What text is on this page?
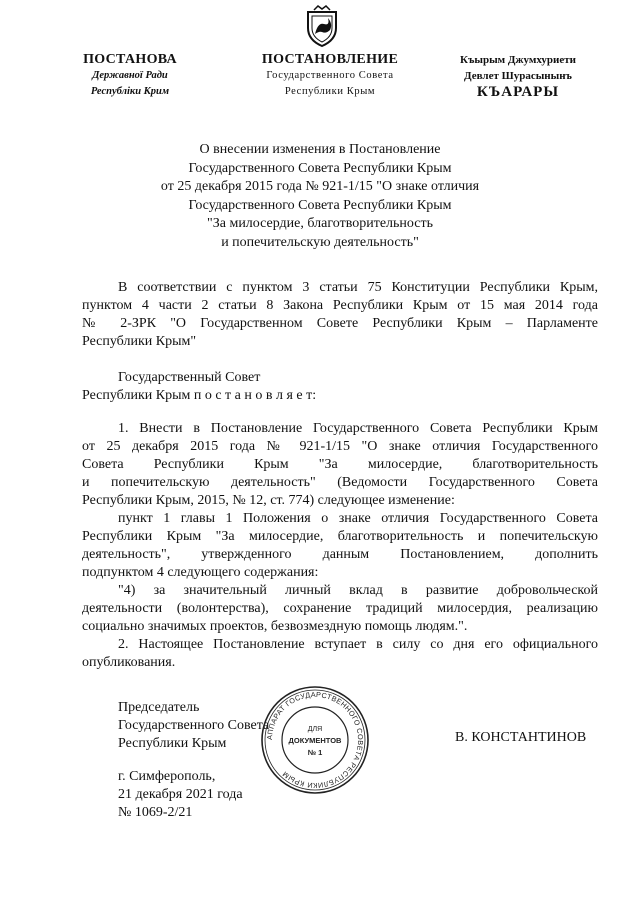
ПОСТАНОВА
Державної Ради
Республіки Крим
ПОСТАНОВЛЕНИЕ
Государственного Совета
Республики Крым
Къырым Джумхуриети
Девлет Шурасынынъ
КЪАРАРЫ
О внесении изменения в Постановление
Государственного Совета Республики Крым
от 25 декабря 2015 года № 921-1/15 "О знаке отличия
Государственного Совета Республики Крым
"За милосердие, благотворительность
и попечительскую деятельность"
В соответствии с пунктом 3 статьи 75 Конституции Республики Крым,
пунктом 4 части 2 статьи 8 Закона Республики Крым от 15 мая 2014 года
№ 2-ЗРК "О Государственном Совете Республики Крым – Парламенте
Республики Крым"
Государственный Совет
Республики Крым п о с т а н о в л я е т:
1. Внести в Постановление Государственного Совета Республики Крым
от 25 декабря 2015 года № 921-1/15 "О знаке отличия Государственного
Совета Республики Крым "За милосердие, благотворительность
и попечительскую деятельность" (Ведомости Государственного Совета
Республики Крым, 2015, № 12, ст. 774) следующее изменение:
пункт 1 главы 1 Положения о знаке отличия Государственного Совета
Республики Крым "За милосердие, благотворительность и попечительскую
деятельность", утвержденного данным Постановлением, дополнить
подпунктом 4 следующего содержания:
"4) за значительный личный вклад в развитие добровольческой
деятельности (волонтерства), сохранение традиций милосердия, реализацию
социально значимых проектов, безвозмездную помощь людям.".
2. Настоящее Постановление вступает в силу со дня его официального
опубликования.
Председатель
Государственного Совета
Республики Крым	АППАРАТ ГОСУДАРСТВЕННОГО СОВЕТА РЕСПУБЛИКИ КРЫМ
ДЛЯ
ДОКУМЕНТОВ
№ 1
В. КОНСТАНТИНОВ
г. Симферополь,
21 декабря 2021 года
№ 1069-2/21
